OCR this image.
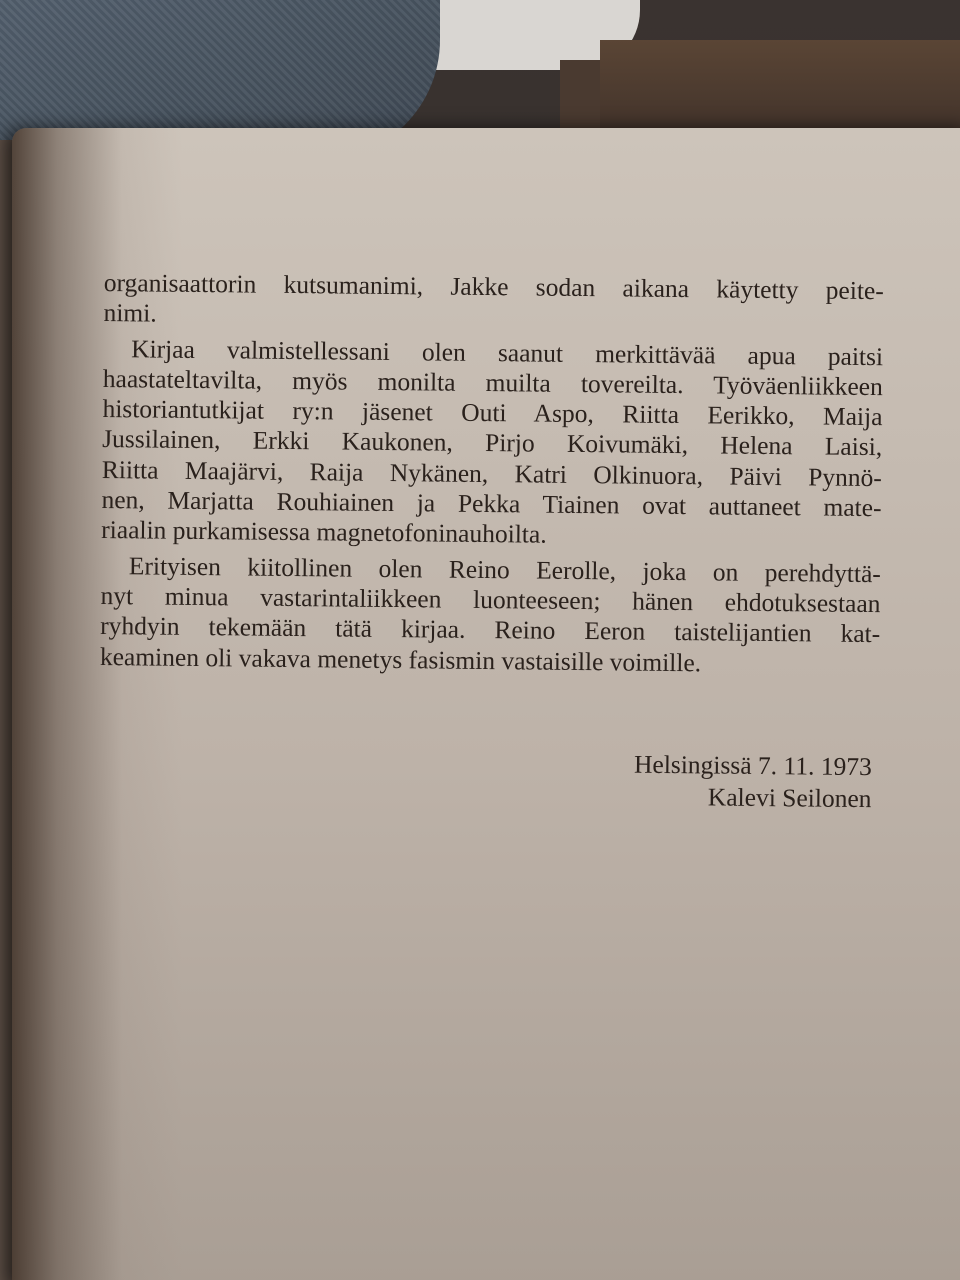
organisaattorin kutsumanimi, Jakke sodan aikana käytetty peite-
nimi.
Kirjaa valmistellessani olen saanut merkittävää apua paitsi
haastateltavilta, myös monilta muilta tovereilta. Työväenliikkeen
historiantutkijat ry:n jäsenet Outi Aspo, Riitta Eerikko, Maija
Jussilainen, Erkki Kaukonen, Pirjo Koivumäki, Helena Laisi,
Riitta Maajärvi, Raija Nykänen, Katri Olkinuora, Päivi Pynnö-
nen, Marjatta Rouhiainen ja Pekka Tiainen ovat auttaneet mate-
riaalin purkamisessa magnetofoninauhoilta.
Erityisen kiitollinen olen Reino Eerolle, joka on perehdyttä-
nyt minua vastarintaliikkeen luonteeseen; hänen ehdotuksestaan
ryhdyin tekemään tätä kirjaa. Reino Eeron taistelijantien kat-
keaminen oli vakava menetys fasismin vastaisille voimille.
Helsingissä 7. 11. 1973
Kalevi Seilonen
